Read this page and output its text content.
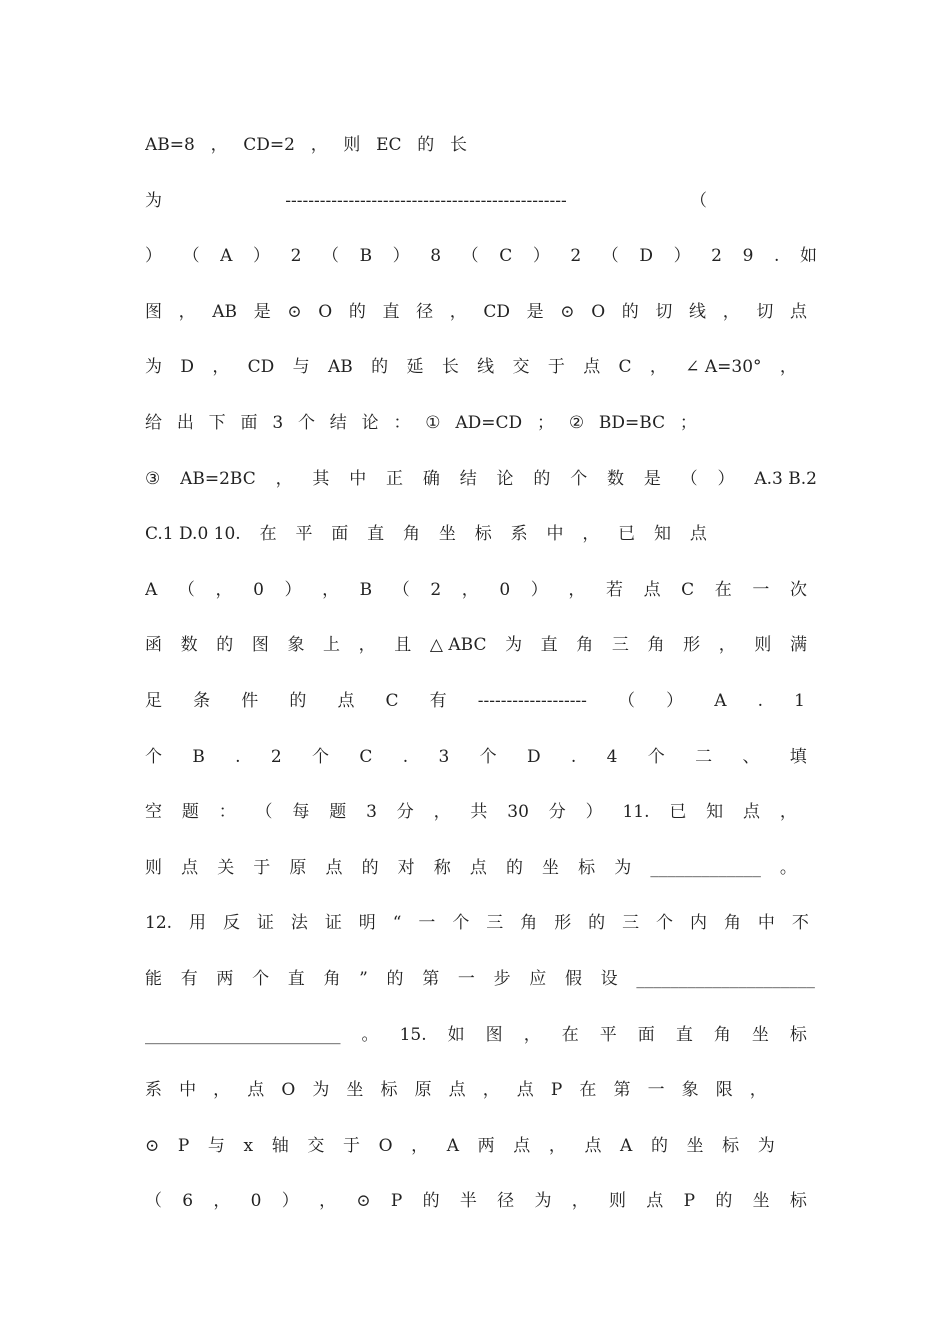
AB=8 ， CD=2 ， 则 EC 的 长
为	-------------------------------------------------	（
） （ A ） 2 （ B ） 8 （ C ） 2 （ D ） 2 9 . 如
图 ， AB 是 ⊙ O 的 直 径 ， CD 是 ⊙ O 的 切 线 ， 切 点
为 D ， CD 与 AB 的 延 长 线 交 于 点 C ， ∠ A=30° ，
给 出 下 面 3 个 结 论 ： ① AD=CD ； ② BD=BC ；
③ AB=2BC ， 其 中 正 确 结 论 的 个 数 是 （ ） A.3 B.2
C.1 D.0 10. 在 平 面 直 角 坐 标 系 中 ， 已 知 点
A （ ， 0 ） ， B （ 2 ， 0 ） ， 若 点 C 在 一 次
函 数 的 图 象 上 ， 且 △ ABC 为 直 角 三 角 形 ， 则 满
足 条 件 的 点 C 有 ------------------- （ ） A . 1
个 B . 2 个 C . 3 个 D . 4 个 二 、 填
空 题 ： （ 每 题 3 分 ， 共 30 分 ） 11. 已 知 点 ，
则 点 关 于 原 点 的 对 称 点 的 坐 标 为 _____________ 。
12. 用 反 证 法 证 明 “ 一 个 三 角 形 的 三 个 内 角 中 不
能 有 两 个 直 角 ” 的 第 一 步 应 假 设 _____________________
_______________________ 。 15. 如 图 ， 在 平 面 直 角 坐 标
系 中 ， 点 O 为 坐 标 原 点 ， 点 P 在 第 一 象 限 ，
⊙ P 与 x 轴 交 于 O ， A 两 点 ， 点 A 的 坐 标 为
（ 6 ， 0 ） ， ⊙ P 的 半 径 为 ， 则 点 P 的 坐 标
